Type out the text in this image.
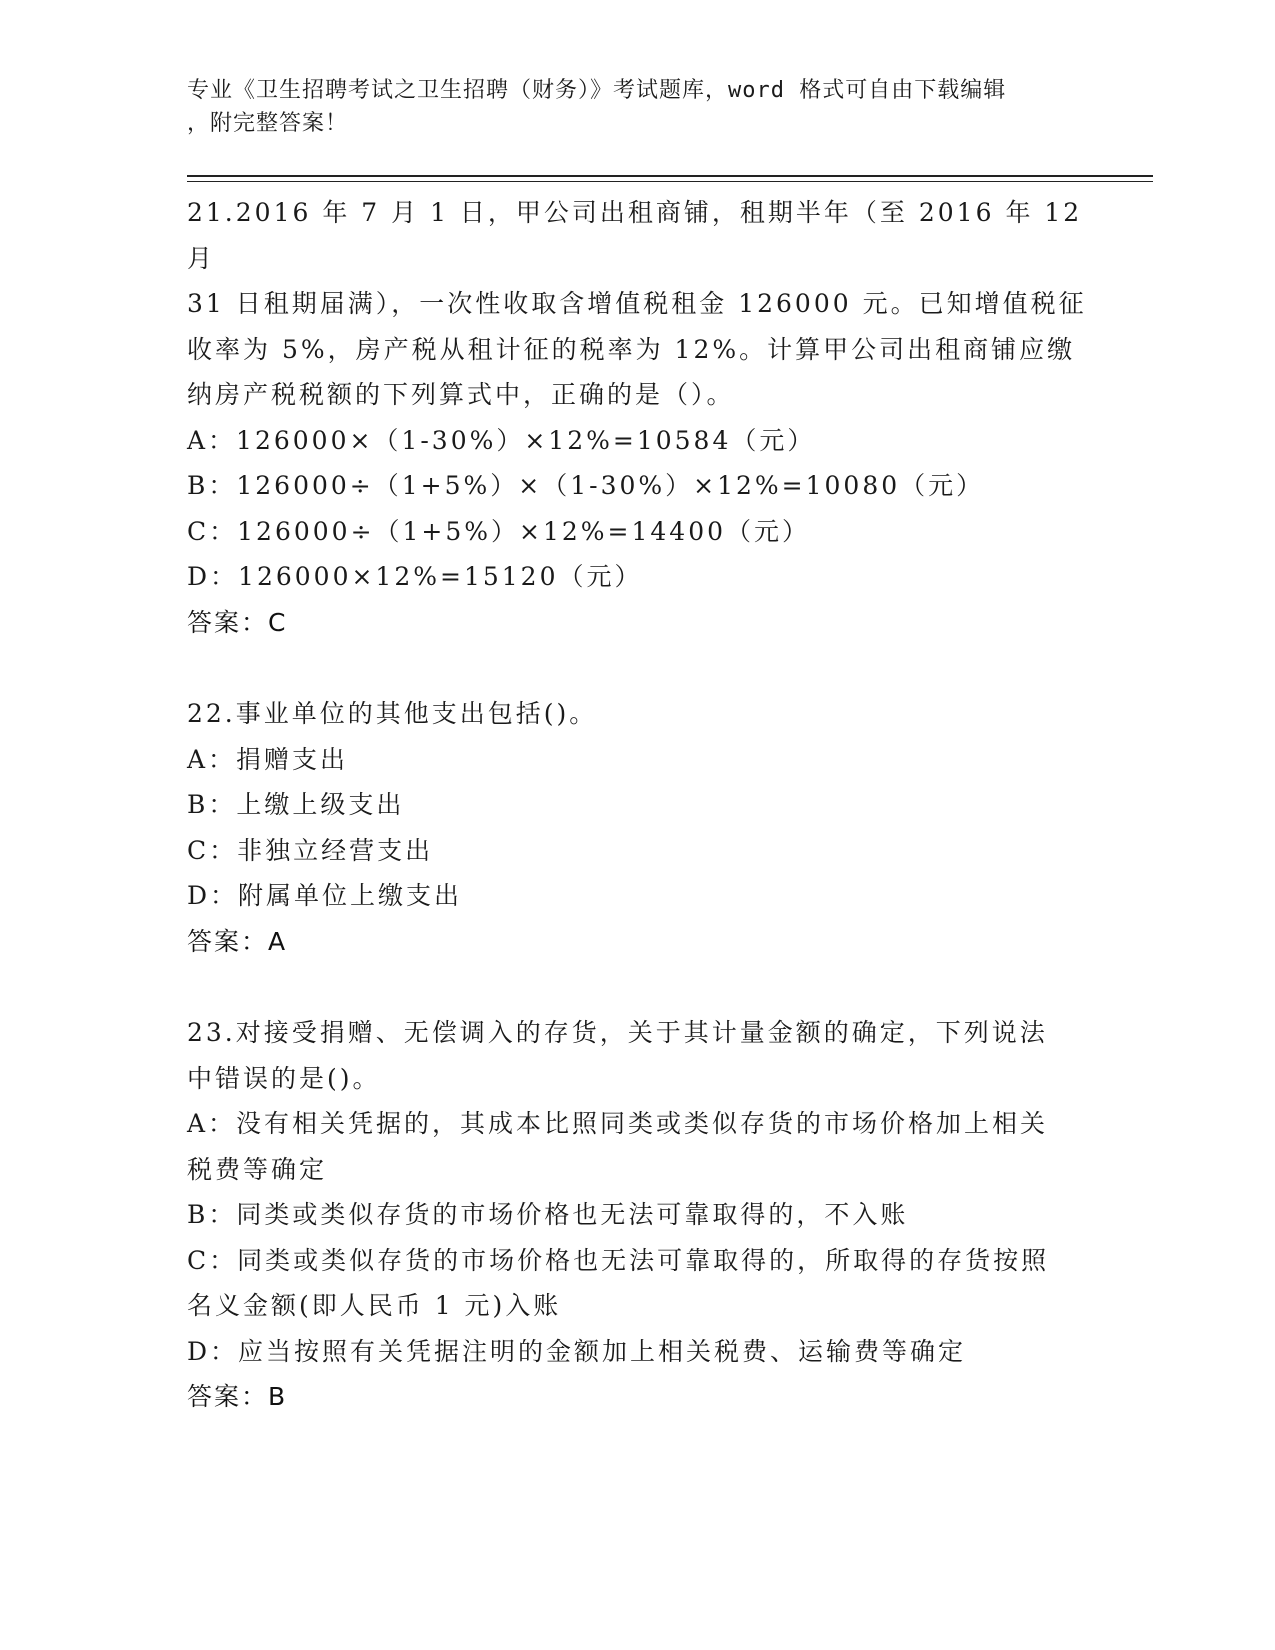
专业《卫生招聘考试之卫生招聘（财务）》考试题库，word 格式可自由下载编辑
，附完整答案！
21.2016 年 7 月 1 日，甲公司出租商铺，租期半年（至 2016 年 12 月
31 日租期届满），一次性收取含增值税租金 126000 元。已知增值税征
收率为 5%，房产税从租计征的税率为 12%。计算甲公司出租商铺应缴
纳房产税税额的下列算式中，正确的是（）。
A：126000×（1-30%）×12%=10584（元）
B：126000÷（1+5%）×（1-30%）×12%=10080（元）
C：126000÷（1+5%）×12%=14400（元）
D：126000×12%=15120（元）
答案：C
22.事业单位的其他支出包括()。
A：捐赠支出
B：上缴上级支出
C：非独立经营支出
D：附属单位上缴支出
答案：A
23.对接受捐赠、无偿调入的存货，关于其计量金额的确定，下列说法
中错误的是()。
A：没有相关凭据的，其成本比照同类或类似存货的市场价格加上相关
税费等确定
B：同类或类似存货的市场价格也无法可靠取得的，不入账
C：同类或类似存货的市场价格也无法可靠取得的，所取得的存货按照
名义金额(即人民币 1 元)入账
D：应当按照有关凭据注明的金额加上相关税费、运输费等确定
答案：B
